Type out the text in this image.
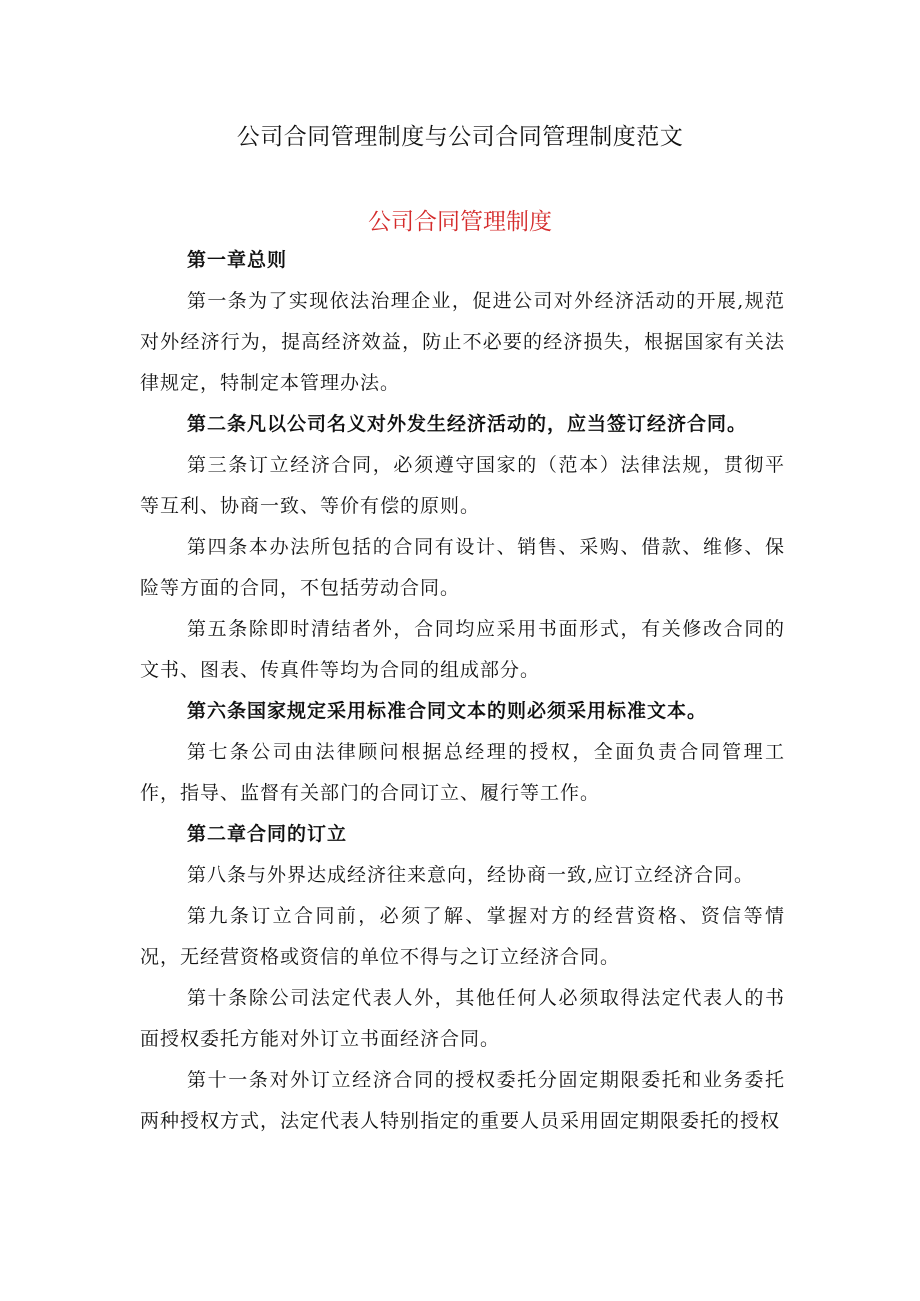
公司合同管理制度与公司合同管理制度范文
公司合同管理制度

第一章总则

第一条为了实现依法治理企业，促进公司对外经济活动的开展,规范对外经济行为，提高经济效益，防止不必要的经济损失，根据国家有关法律规定，特制定本管理办法。

第二条凡以公司名义对外发生经济活动的，应当签订经济合同。

第三条订立经济合同，必须遵守国家的（范本）法律法规，贯彻平等互利、协商一致、等价有偿的原则。

第四条本办法所包括的合同有设计、销售、采购、借款、维修、保险等方面的合同，不包括劳动合同。

第五条除即时清结者外，合同均应采用书面形式，有关修改合同的文书、图表、传真件等均为合同的组成部分。

第六条国家规定采用标准合同文本的则必须采用标准文本。

第七条公司由法律顾问根据总经理的授权，全面负责合同管理工作，指导、监督有关部门的合同订立、履行等工作。

第二章合同的订立

第八条与外界达成经济往来意向，经协商一致,应订立经济合同。

第九条订立合同前，必须了解、掌握对方的经营资格、资信等情况，无经营资格或资信的单位不得与之订立经济合同。

第十条除公司法定代表人外，其他任何人必须取得法定代表人的书面授权委托方能对外订立书面经济合同。

第十一条对外订立经济合同的授权委托分固定期限委托和业务委托两种授权方式，法定代表人特别指定的重要人员采用固定期限委托的授权
